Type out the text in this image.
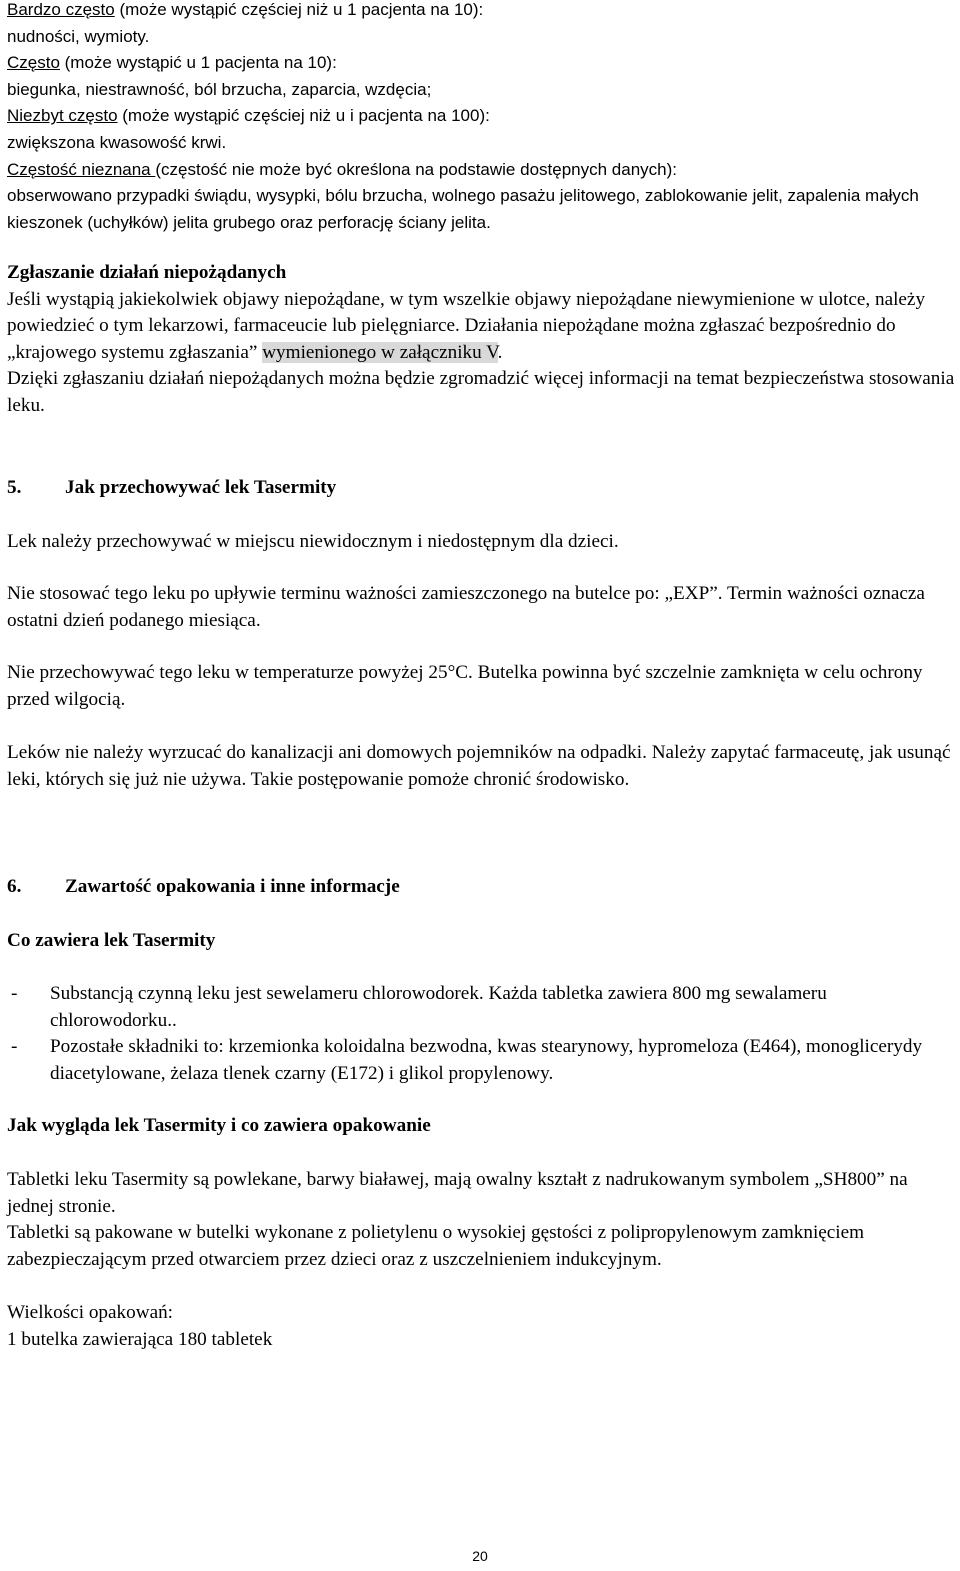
Bardzo często (może wystąpić częściej niż u 1 pacjenta na 10):
nudności, wymioty.
Często (może wystąpić u 1 pacjenta na 10):
biegunka, niestrawność, ból brzucha, zaparcia, wzdęcia;
Niezbyt często (może wystąpić częściej niż u i pacjenta na 100):
zwiększona kwasowość krwi.
Częstość nieznana (częstość nie może być określona na podstawie dostępnych danych):
obserwowano przypadki świądu, wysypki, bólu brzucha, wolnego pasażu jelitowego, zablokowanie jelit, zapalenia małych kieszonek (uchyłków) jelita grubego oraz perforację ściany jelita.
Zgłaszanie działań niepożądanych
Jeśli wystąpią jakiekolwiek objawy niepożądane, w tym wszelkie objawy niepożądane niewymienione w ulotce, należy powiedzieć o tym lekarzowi, farmaceucie lub pielęgniarce. Działania niepożądane można zgłaszać bezpośrednio do „krajowego systemu zgłaszania” wymienionego w załączniku V.
Dzięki zgłaszaniu działań niepożądanych można będzie zgromadzić więcej informacji na temat bezpieczeństwa stosowania leku.
5. Jak przechowywać lek Tasermity
Lek należy przechowywać w miejscu niewidocznym i niedostępnym dla dzieci.
Nie stosować tego leku po upływie terminu ważności zamieszczonego na butelce po: „EXP”. Termin ważności oznacza ostatni dzień podanego miesiąca.
Nie przechowywać tego leku w temperaturze powyżej 25°C. Butelka powinna być szczelnie zamknięta w celu ochrony przed wilgocią.
Leków nie należy wyrzucać do kanalizacji ani domowych pojemników na odpadki. Należy zapytać farmaceutę, jak usunąć leki, których się już nie używa. Takie postępowanie pomoże chronić środowisko.
6. Zawartość opakowania i inne informacje
Co zawiera lek Tasermity
- Substancją czynną leku jest sewelameru chlorowodorek. Każda tabletka zawiera 800 mg sewalameru chlorowodorku..
- Pozostałe składniki to: krzemionka koloidalna bezwodna, kwas stearynowy, hypromeloza (E464), monoglicerydy diacetylowane, żelaza tlenek czarny (E172) i glikol propylenowy.
Jak wygląda lek Tasermity i co zawiera opakowanie
Tabletki leku Tasermity są powlekane, barwy białawej, mają owalny kształt z nadrukowanym symbolem „SH800” na jednej stronie.
Tabletki są pakowane w butelki wykonane z polietylenu o wysokiej gęstości z polipropylenowym zamknięciem zabezpieczającym przed otwarciem przez dzieci oraz z uszczelnieniem indukcyjnym.
Wielkości opakowań:
1 butelka zawierająca 180 tabletek
20
